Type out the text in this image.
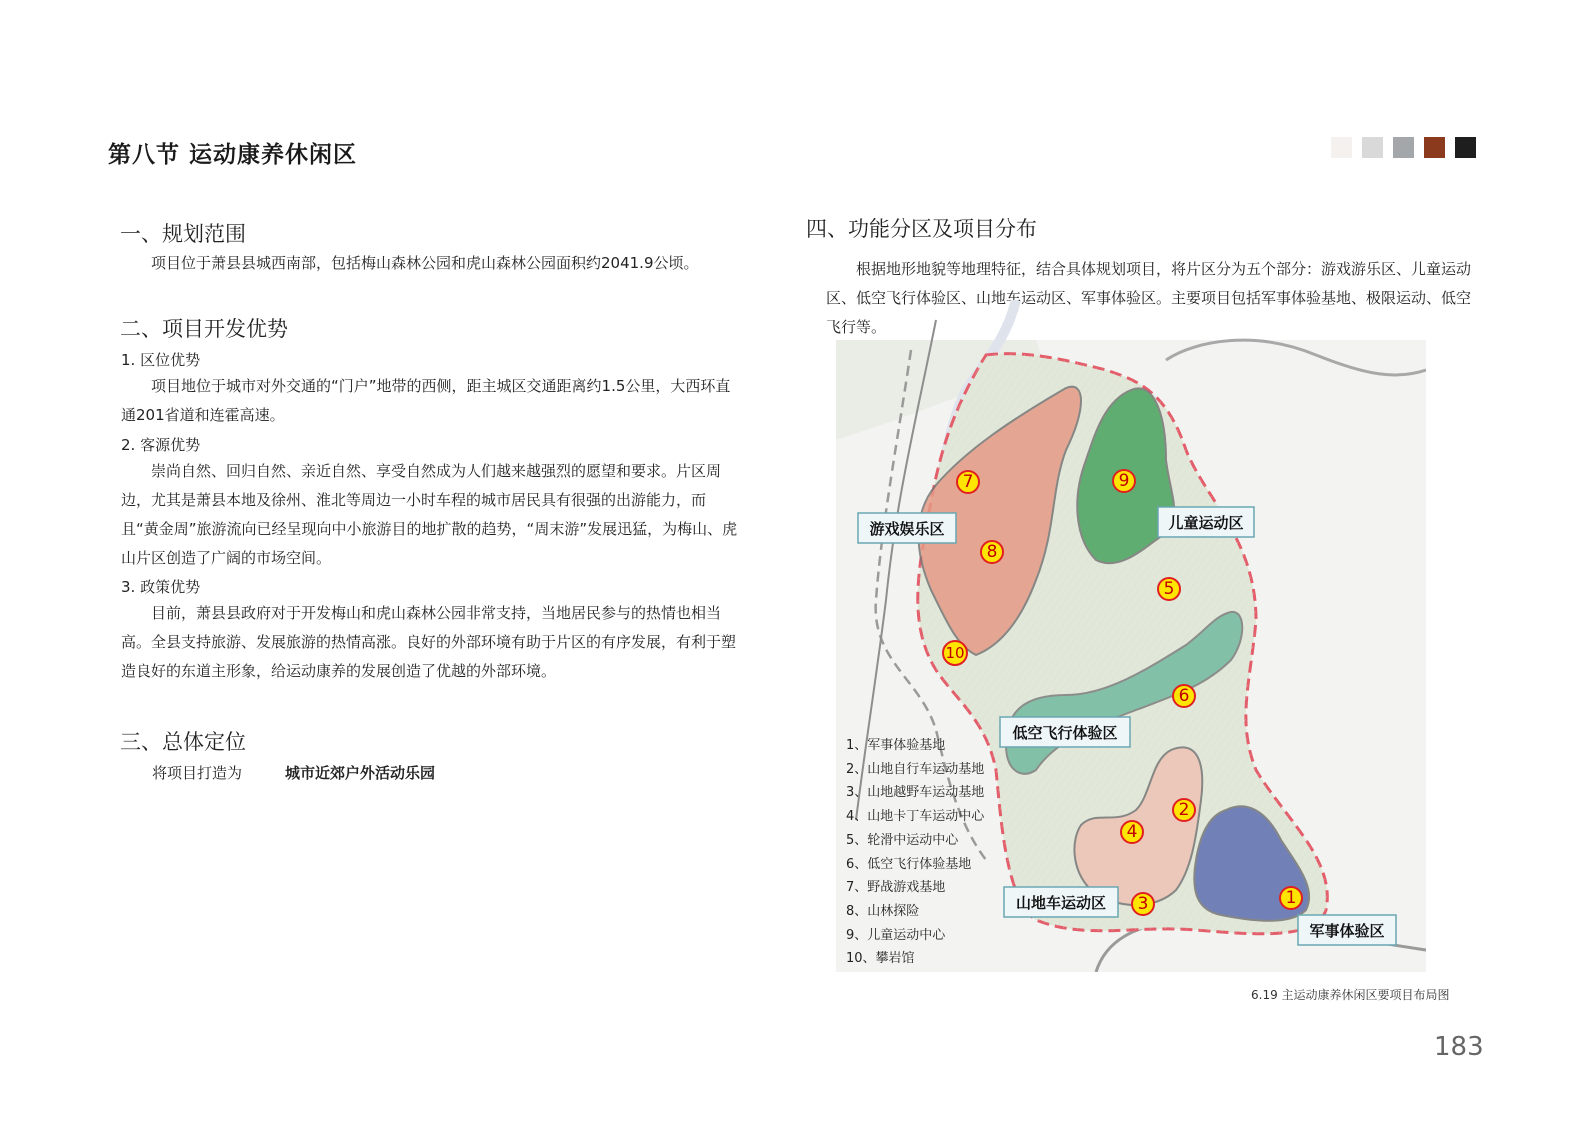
第八节 运动康养休闲区
一、规划范围
项目位于萧县县城西南部，包括梅山森林公园和虎山森林公园面积约2041.9公顷。
二、项目开发优势
1. 区位优势
项目地位于城市对外交通的“门户”地带的西侧，距主城区交通距离约1.5公里，大西环直通201省道和连霍高速。
2. 客源优势
崇尚自然、回归自然、亲近自然、享受自然成为人们越来越强烈的愿望和要求。片区周边，尤其是萧县本地及徐州、淮北等周边一小时车程的城市居民具有很强的出游能力，而且“黄金周”旅游流向已经呈现向中小旅游目的地扩散的趋势，“周末游”发展迅猛，为梅山、虎山片区创造了广阔的市场空间。
3. 政策优势
目前，萧县县政府对于开发梅山和虎山森林公园非常支持，当地居民参与的热情也相当高。全县支持旅游、发展旅游的热情高涨。良好的外部环境有助于片区的有序发展，有利于塑造良好的东道主形象，给运动康养的发展创造了优越的外部环境。
三、总体定位
将项目打造为	城市近郊户外活动乐园
四、功能分区及项目分布
根据地形地貌等地理特征，结合具体规划项目，将片区分为五个部分：游戏游乐区、儿童运动区、低空飞行体验区、山地车运动区、军事体验区。主要项目包括军事体验基地、极限运动、低空飞行等。
游戏娱乐区	儿童运动区
低空飞行体验区
山地车运动区
军事体验区
1
2
3
4
5
6
7
8
9
10
1、军事体验基地
2、山地自行车运动基地
3、山地越野车运动基地
4、山地卡丁车运动中心
5、轮滑中运动中心
6、低空飞行体验基地
7、野战游戏基地
8、山林探险
9、儿童运动中心
10、攀岩馆
6.19 主运动康养休闲区要项目布局图
183
